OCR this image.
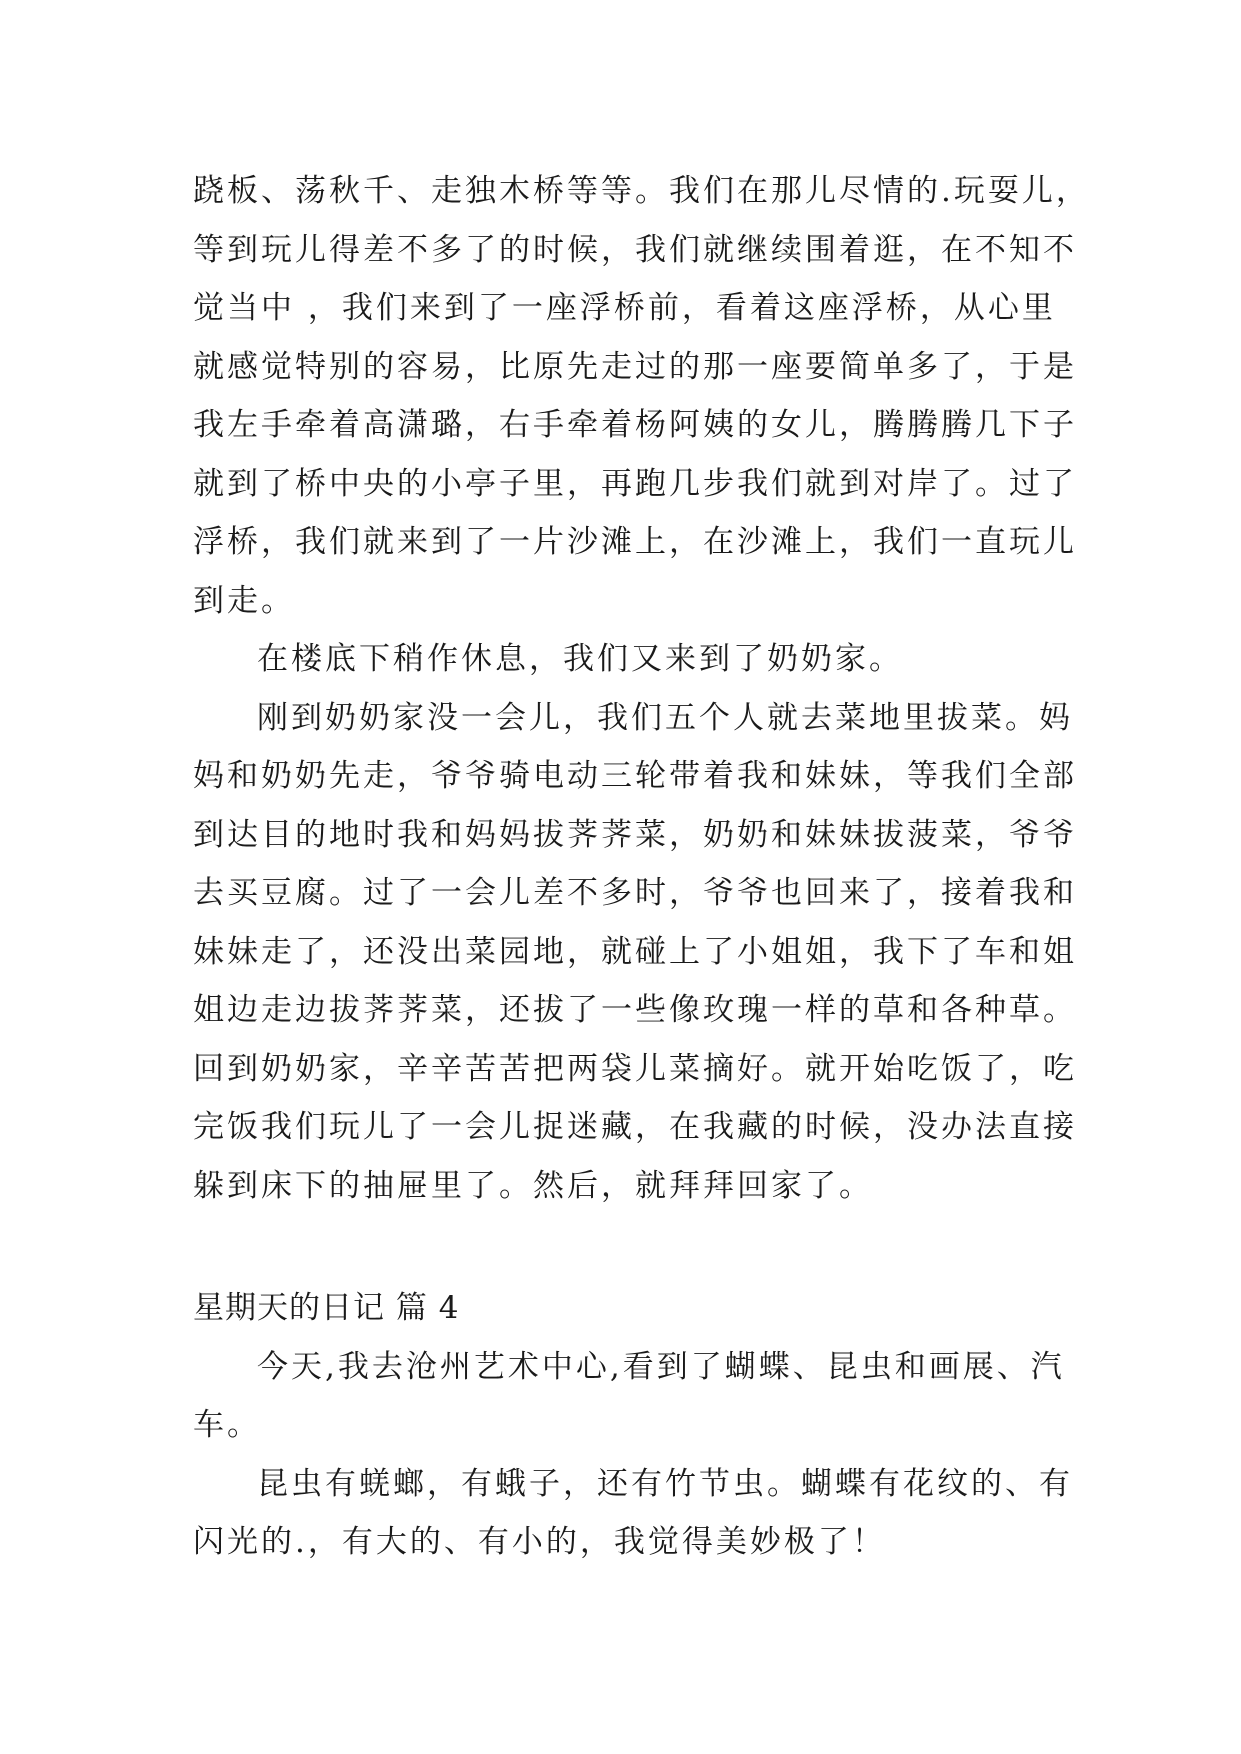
跷板、荡秋千、走独木桥等等。我们在那儿尽情的.玩耍儿，
等到玩儿得差不多了的时候，我们就继续围着逛，在不知不
觉当中 ，我们来到了一座浮桥前，看着这座浮桥，从心里
就感觉特别的容易，比原先走过的那一座要简单多了，于是
我左手牵着高潇璐，右手牵着杨阿姨的女儿，腾腾腾几下子
就到了桥中央的小亭子里，再跑几步我们就到对岸了。过了
浮桥，我们就来到了一片沙滩上，在沙滩上，我们一直玩儿
到走。
在楼底下稍作休息，我们又来到了奶奶家。
刚到奶奶家没一会儿，我们五个人就去菜地里拔菜。妈
妈和奶奶先走，爷爷骑电动三轮带着我和妹妹，等我们全部
到达目的地时我和妈妈拔荠荠菜，奶奶和妹妹拔菠菜，爷爷
去买豆腐。过了一会儿差不多时，爷爷也回来了，接着我和
妹妹走了，还没出菜园地，就碰上了小姐姐，我下了车和姐
姐边走边拔荠荠菜，还拔了一些像玫瑰一样的草和各种草。
回到奶奶家，辛辛苦苦把两袋儿菜摘好。就开始吃饭了，吃
完饭我们玩儿了一会儿捉迷藏，在我藏的时候，没办法直接
躲到床下的抽屉里了。然后，就拜拜回家了。
星期天的日记 篇 4
今天,我去沧州艺术中心,看到了蝴蝶、昆虫和画展、汽
车。
昆虫有蜣螂，有蛾子，还有竹节虫。蝴蝶有花纹的、有
闪光的.，有大的、有小的，我觉得美妙极了！
